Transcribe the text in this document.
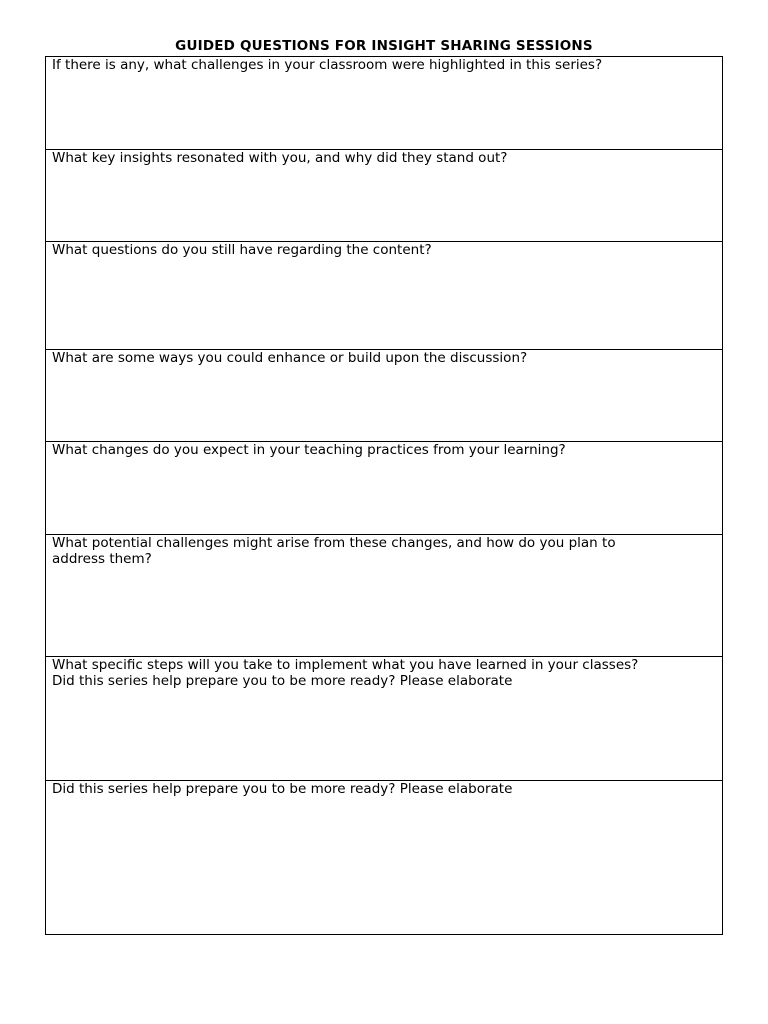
GUIDED QUESTIONS FOR INSIGHT SHARING SESSIONS
If there is any, what challenges in your classroom were highlighted in this series?

What key insights resonated with you, and why did they stand out?

What questions do you still have regarding the content?

What are some ways you could enhance or build upon the discussion?

What changes do you expect in your teaching practices from your learning?

What potential challenges might arise from these changes, and how do you plan to
address them?

What specific steps will you take to implement what you have learned in your classes?
Did this series help prepare you to be more ready? Please elaborate

Did this series help prepare you to be more ready? Please elaborate
